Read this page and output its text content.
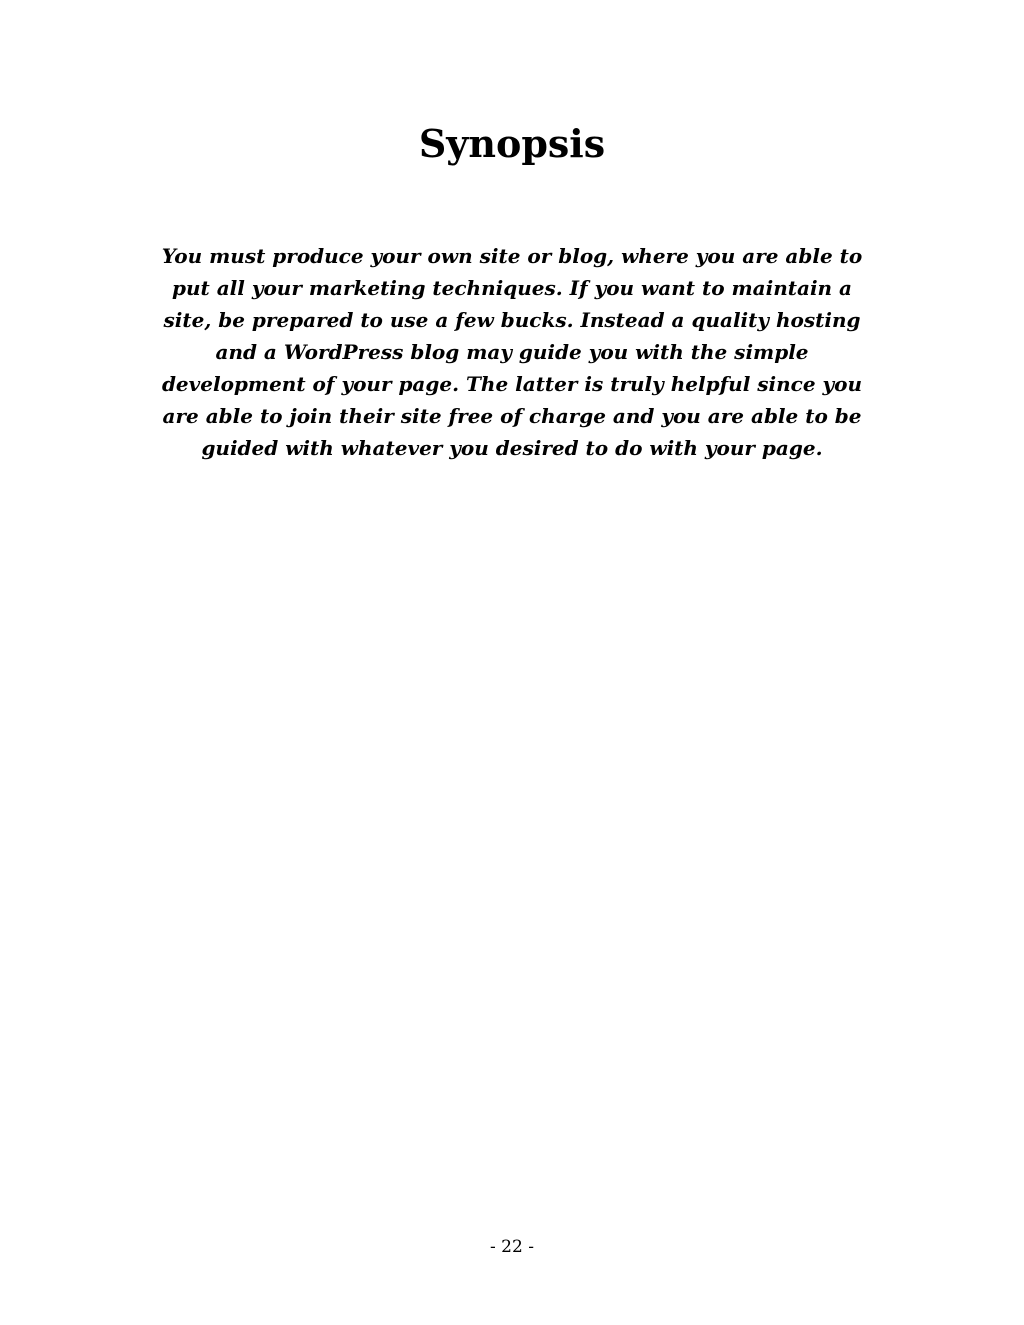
Synopsis

You must produce your own site or blog, where you are able to
put all your marketing techniques. If you want to maintain a
site, be prepared to use a few bucks. Instead a quality hosting
and a WordPress blog may guide you with the simple
development of your page. The latter is truly helpful since you
are able to join their site free of charge and you are able to be
guided with whatever you desired to do with your page.

- 22 -
